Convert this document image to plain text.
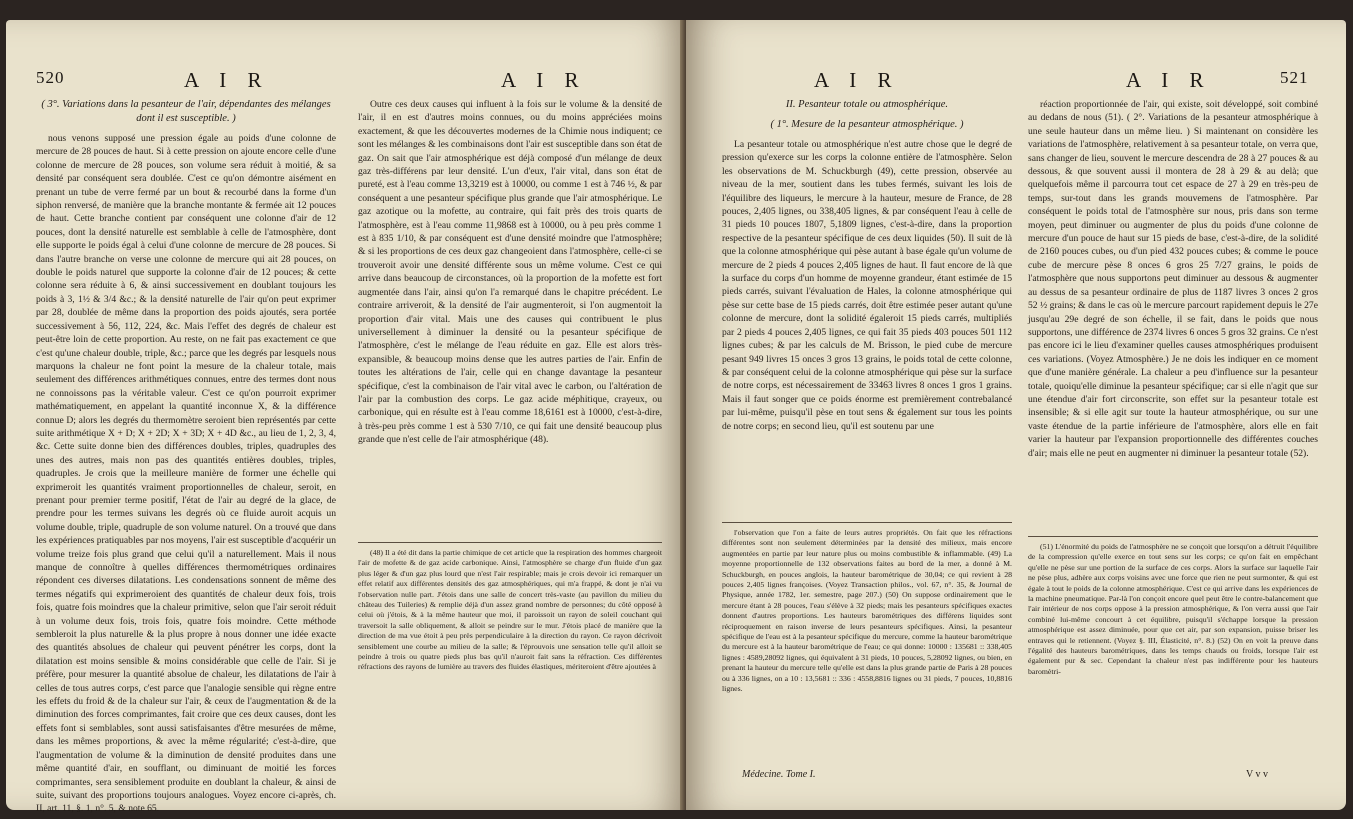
520	A I R	A I R
( 3°. Variations dans la pesanteur de l'air, dépendantes des mélanges dont il est susceptible. )

nous venons supposé une pression égale au poids d'une colonne de mercure de 28 pouces de haut. Si à cette pression on ajoute encore celle d'une colonne de mercure de 28 pouces, son volume sera réduit à moitié, & sa densité par conséquent sera doublée. C'est ce qu'on démontre aisément en prenant un tube de verre fermé par un bout & recourbé dans la forme d'un siphon renversé, de manière que la branche montante & fermée ait 12 pouces de haut. Cette branche contient par conséquent une colonne d'air de 12 pouces, dont la densité naturelle est semblable à celle de l'atmosphère, dont elle supporte le poids égal à celui d'une colonne de mercure de 28 pouces. Si dans l'autre branche on verse une colonne de mercure qui ait 28 pouces, on double le poids naturel que supporte la colonne d'air de 12 pouces; & cette colonne sera réduite à 6, & ainsi successivement en doublant toujours les poids à 3, 1½ & 3/4 &c.; & la densité naturelle de l'air qu'on peut exprimer par 28, doublée de même dans la proportion des poids ajoutés, sera portée successivement à 56, 112, 224, &c. Mais l'effet des degrés de chaleur est peut-être loin de cette proportion. Au reste, on ne fait pas exactement ce que c'est qu'une chaleur double, triple, &c.; parce que les degrés par lesquels nous marquons la chaleur ne font point la mesure de la chaleur totale, mais seulement des différences arithmétiques connues, entre des termes dont nous ne connoissons pas la véritable valeur. C'est ce qu'on pourroit exprimer mathématiquement, en appelant la quantité inconnue X, & la différence connue D; alors les degrés du thermomètre seroient bien représentés par cette suite arithmétique X + D; X + 2D; X + 3D; X + 4D &c., au lieu de 1, 2, 3, 4, &c. Cette suite donne bien des différences doubles, triples, quadruples des unes des autres, mais non pas des quantités entières doubles, triples, quadruples. Je crois que la meilleure manière de former une échelle qui exprimeroit les quantités vraiment proportionnelles de chaleur, seroit, en prenant pour premier terme positif, l'état de l'air au degré de la glace, de prendre pour les termes suivans les degrés où ce fluide auroit acquis un volume double, triple, quadruple de son volume naturel. On a trouvé que dans les expériences pratiquables par nos moyens, l'air est susceptible d'acquérir un volume treize fois plus grand que celui qu'il a naturellement. Mais il nous manque de connoître à quelles différences thermométriques ordinaires répondent ces diverses dilatations. Les condensations sonnent de même des termes négatifs qui exprimeroient des quantités de chaleur deux fois, trois fois, quatre fois moindres que la chaleur primitive, selon que l'air seroit réduit à un volume deux fois, trois fois, quatre fois moindre. Cette méthode sembleroit la plus naturelle & la plus propre à nous donner une idée exacte des quantités absolues de chaleur qui peuvent pénétrer les corps, dont la dilatation est moins sensible & moins considérable que celle de l'air. Si je préfère, pour mesurer la quantité absolue de chaleur, les dilatations de l'air à celles de tous autres corps, c'est parce que l'analogie sensible qui règne entre les effets du froid & de la chaleur sur l'air, & ceux de l'augmentation & de la diminution des forces comprimantes, fait croire que ces deux causes, dont les effets font si semblables, sont aussi satisfaisantes d'être mesurées de même, dans les mêmes proportions, & avec la même régularité; c'est-à-dire, que l'augmentation de volume & la diminution de densité produites dans une même quantité d'air, en soufflant, ou diminuant de moitié les forces comprimantes, sera sensiblement produite en doublant la chaleur, & ainsi de suite, suivant des proportions toujours analogues. Voyez encore ci-après, ch. II, art. 11, §. 1, n°. 5, & note 65.

Outre ces deux causes qui influent à la fois sur le volume & la densité de l'air, il en est d'autres moins connues, ou du moins appréciées moins exactement, & que les découvertes modernes de la Chimie nous indiquent; ce sont les mélanges & les combinaisons dont l'air est susceptible dans son état de gaz. On sait que l'air atmosphérique est déjà composé d'un mélange de deux gaz très-différens par leur densité. L'un d'eux, l'air vital, dans son état de pureté, est à l'eau comme 13,3219 est à 10000, ou comme 1 est à 746 ½, & par conséquent a une pesanteur spécifique plus grande que l'air atmosphérique. Le gaz azotique ou la mofette, au contraire, qui fait près des trois quarts de l'atmosphère, est à l'eau comme 11,9868 est à 10000, ou à peu près comme 1 est à 835 1/10, & par conséquent est d'une densité moindre que l'atmosphère; & si les proportions de ces deux gaz changeoient dans l'atmosphère, celle-ci se trouveroit avoir une densité différente sous un même volume. C'est ce qui arrive dans beaucoup de circonstances, où la proportion de la mofette est fort augmentée dans l'air, ainsi qu'on l'a remarqué dans le chapitre précédent. Le contraire arriveroit, & la densité de l'air augmenteroit, si l'on augmentoit la proportion d'air vital. Mais une des causes qui contribuent le plus universellement à diminuer la densité ou la pesanteur spécifique de l'atmosphère, c'est le mélange de l'eau réduite en gaz. Elle est alors très-expansible, & beaucoup moins dense que les autres parties de l'air. Enfin de toutes les altérations de l'air, celle qui en change davantage la pesanteur spécifique, c'est la combinaison de l'air vital avec le carbon, ou l'altération de l'air par la combustion des corps. Le gaz acide méphitique, crayeux, ou carbonique, qui en résulte est à l'eau comme 18,6161 est à 10000, c'est-à-dire, à très-peu près comme 1 est à 530 7/10, ce qui fait une densité beaucoup plus grande que n'est celle de l'air atmosphérique (48).

(48) Il a été dit dans la partie chimique de cet article que la respiration des hommes chargeoit l'air de mofette & de gaz acide carbonique. Ainsi, l'atmosphère se charge d'un fluide d'un gaz plus léger & d'un gaz plus lourd que n'est l'air respirable; mais je crois devoir ici remarquer un effet relatif aux différentes densités des gaz atmosphériques, qui m'a frappé, & dont je n'ai vu l'observation nulle part. J'étois dans une salle de concert très-vaste (au pavillon du milieu du château des Tuileries) & remplie déjà d'un assez grand nombre de personnes; du côté opposé à celui où j'étois, & à la même hauteur que moi, il paroissoit un rayon de soleil couchant qui traversoit la salle obliquement, & alloit se peindre sur le mur. J'étois placé de manière que la direction de ma vue étoit à peu près perpendiculaire à la direction du rayon. Ce rayon décrivoit sensiblement une courbe au milieu de la salle; & l'éprouvois une sensation telle qu'il alloit se peindre à trois ou quatre pieds plus bas qu'il n'auroit fait sans la réfraction. Ces différentes réfractions des rayons de lumière au travers des fluides élastiques, mériteroient d'être ajoutées à

A I R	A I R	521
II. Pesanteur totale ou atmosphérique.
( 1°. Mesure de la pesanteur atmosphérique. )

La pesanteur totale ou atmosphérique n'est autre chose que le degré de pression qu'exerce sur les corps la colonne entière de l'atmosphère. Selon les observations de M. Schuckburgh (49), cette pression, observée au niveau de la mer, soutient dans les tubes fermés, suivant les lois de l'équilibre des liqueurs, le mercure à la hauteur, mesure de France, de 28 pouces, 2,405 lignes, ou 338,405 lignes, & par conséquent l'eau à celle de 31 pieds 10 pouces 1807, 5,1809 lignes, c'est-à-dire, dans la proportion respective de la pesanteur spécifique de ces deux liquides (50). Il suit de là que la colonne atmosphérique qui pèse autant à base égale qu'un volume de mercure de 2 pieds 4 pouces 2,405 lignes de haut. Il faut encore de là que la surface du corps d'un homme de moyenne grandeur, étant estimée de 15 pieds carrés, suivant l'évaluation de Hales, la colonne atmosphérique qui pèse sur cette base de 15 pieds carrés, doit être estimée peser autant qu'une colonne de mercure, dont la solidité égaleroit 15 pieds carrés, multipliés par 2 pieds 4 pouces 2,405 lignes, ce qui fait 35 pieds 403 pouces 501 112 lignes cubes; & par les calculs de M. Brisson, le pied cube de mercure pesant 949 livres 15 onces 3 gros 13 grains, le poids total de cette colonne, & par conséquent celui de la colonne atmosphérique qui pèse sur la surface de notre corps, est nécessairement de 33463 livres 8 onces 1 gros 1 grains. Mais il faut songer que ce poids énorme est premièrement contrebalancé par lui-même, puisqu'il pèse en tout sens & également sur tous les points de notre corps; en second lieu, qu'il est soutenu par une

l'observation que l'on a faite de leurs autres propriétés. On fait que les réfractions différentes sont non seulement déterminées par la densité des milieux, mais encore augmentées en partie par leur nature plus ou moins combustible & inflammable. (49) La moyenne proportionnelle de 132 observations faites au bord de la mer, a donné à M. Schuckburgh, en pouces anglois, la hauteur barométrique de 30,04; ce qui revient à 28 pouces 2,405 lignes françoises. (Voyez Transaction philos., vol. 67, n°. 35, & Journal de Physique, année 1782, 1er. semestre, page 207.) (50) On suppose ordinairement que le mercure étant à 28 pouces, l'eau s'élève à 32 pieds; mais les pesanteurs spécifiques exactes donnent d'autres proportions. Les hauteurs barométriques des différens liquides sont réciproquement en raison inverse de leurs pesanteurs spécifiques. Ainsi, la pesanteur spécifique de l'eau est à la pesanteur spécifique du mercure, comme la hauteur barométrique du mercure est à la hauteur barométrique de l'eau; ce qui donne: 10000 : 135681 :: 338,405 lignes : 4589,28092 lignes, qui équivalent à 31 pieds, 10 pouces, 5,28092 lignes, ou bien, en prenant la hauteur du mercure telle qu'elle est dans la plus grande partie de Paris à 28 pouces ou à 336 lignes, on a 10 : 13,5681 :: 336 : 4558,8816 lignes ou 31 pieds, 7 pouces, 10,8816 lignes.

réaction proportionnée de l'air, qui existe, soit développé, soit combiné au dedans de nous (51). ( 2°. Variations de la pesanteur atmosphérique à une seule hauteur dans un même lieu. ) Si maintenant on considère les variations de l'atmosphère, relativement à sa pesanteur totale, on verra que, sans changer de lieu, souvent le mercure descendra de 28 à 27 pouces & au dessous, & que souvent aussi il montera de 28 à 29 & au delà; que quelquefois même il parcourra tout cet espace de 27 à 29 en très-peu de temps, sur-tout dans les grands mouvemens de l'atmosphère. Par conséquent le poids total de l'atmosphère sur nous, pris dans son terme moyen, peut diminuer ou augmenter de plus du poids d'une colonne de mercure d'un pouce de haut sur 15 pieds de base, c'est-à-dire, de la solidité de 2160 pouces cubes, ou d'un pied 432 pouces cubes; & comme le pouce cube de mercure pèse 8 onces 6 gros 25 7/27 grains, le poids de l'atmosphère que nous supportons peut diminuer au dessous & augmenter au dessus de sa pesanteur ordinaire de plus de 1187 livres 3 onces 2 gros 52 ½ grains; & dans le cas où le mercure parcourt rapidement depuis le 27e jusqu'au 29e degré de son échelle, il se fait, dans le poids que nous supportons, une différence de 2374 livres 6 onces 5 gros 32 grains. Ce n'est pas encore ici le lieu d'examiner quelles causes atmosphériques produisent ces variations. (Voyez Atmosphère.) Je ne dois les indiquer en ce moment que d'une manière générale. La chaleur a peu d'influence sur la pesanteur totale, quoiqu'elle diminue la pesanteur spécifique; car si elle n'agit que sur une étendue d'air fort circonscrite, son effet sur la pesanteur totale est insensible; & si elle agit sur toute la hauteur atmosphérique, ou sur une vaste étendue de la partie inférieure de l'atmosphère, alors elle en fait varier la hauteur par l'expansion proportionnelle des différentes couches d'air; mais elle ne peut en augmenter ni diminuer la pesanteur totale (52).

(51) L'énormité du poids de l'atmosphère ne se conçoit que lorsqu'on a détruit l'équilibre de la compression qu'elle exerce en tout sens sur les corps; ce qu'on fait en empêchant qu'elle ne pèse sur une portion de la surface de ces corps. Alors la surface sur laquelle l'air ne pèse plus, adhère aux corps voisins avec une force que rien ne peut surmonter, & qui est égale à tout le poids de la colonne atmosphérique. C'est ce qui arrive dans les expériences de la machine pneumatique. Par-là l'on conçoit encore quel peut être le contre-balancement que l'air intérieur de nos corps oppose à la pression atmosphérique, & l'on verra aussi que l'air combiné lui-même concourt à cet équilibre, puisqu'il s'échappe lorsque la pression atmosphérique est assez diminuée, pour que cet air, par son expansion, puisse briser les entraves qui le retiennent. (Voyez §. III, Élasticité, n°. 8.) (52) On en voit la preuve dans l'égalité des hauteurs barométriques, dans les temps chauds ou froids, lorsque l'air est également pur & sec. Cependant la chaleur n'est pas indifférente pour les hauteurs baromètri-

Médecine. Tome I.	V v v
